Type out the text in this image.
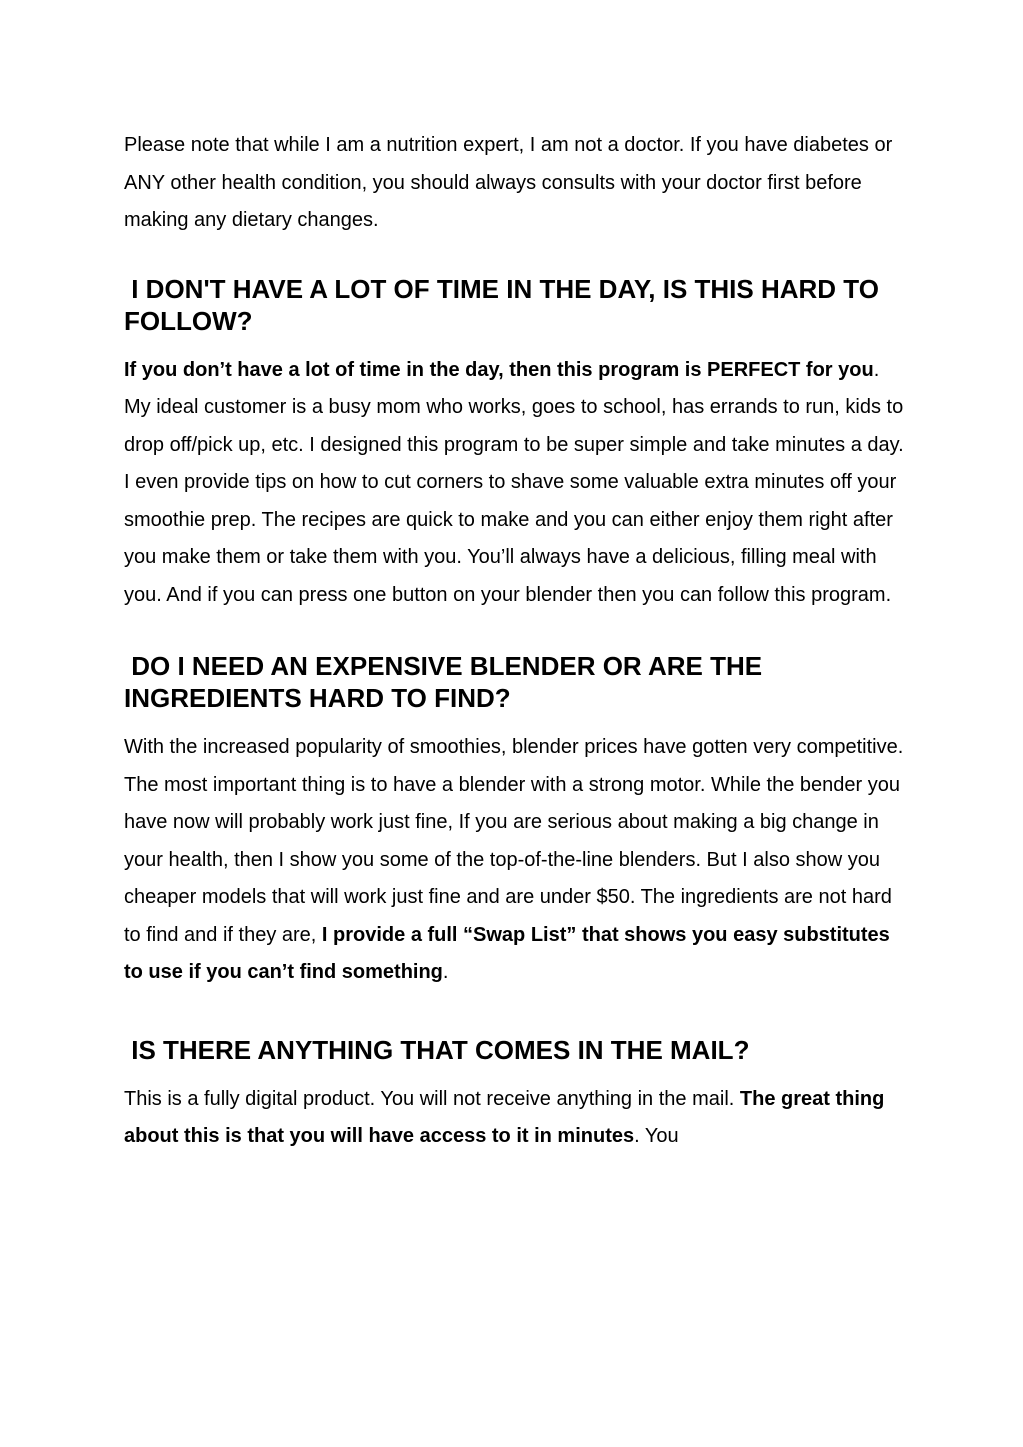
Please note that while I am a nutrition expert, I am not a doctor. If you have diabetes or ANY other health condition, you should always consults with your doctor first before making any dietary changes.

I DON'T HAVE A LOT OF TIME IN THE DAY, IS THIS HARD TO FOLLOW?

If you don’t have a lot of time in the day, then this program is PERFECT for you. My ideal customer is a busy mom who works, goes to school, has errands to run, kids to drop off/pick up, etc. I designed this program to be super simple and take minutes a day. I even provide tips on how to cut corners to shave some valuable extra minutes off your smoothie prep. The recipes are quick to make and you can either enjoy them right after you make them or take them with you. You’ll always have a delicious, filling meal with you. And if you can press one button on your blender then you can follow this program.

DO I NEED AN EXPENSIVE BLENDER OR ARE THE INGREDIENTS HARD TO FIND?

With the increased popularity of smoothies, blender prices have gotten very competitive. The most important thing is to have a blender with a strong motor. While the bender you have now will probably work just fine, If you are serious about making a big change in your health, then I show you some of the top-of-the-line blenders. But I also show you cheaper models that will work just fine and are under $50. The ingredients are not hard to find and if they are, I provide a full “Swap List” that shows you easy substitutes to use if you can’t find something.

IS THERE ANYTHING THAT COMES IN THE MAIL?

This is a fully digital product. You will not receive anything in the mail. The great thing about this is that you will have access to it in minutes. You
